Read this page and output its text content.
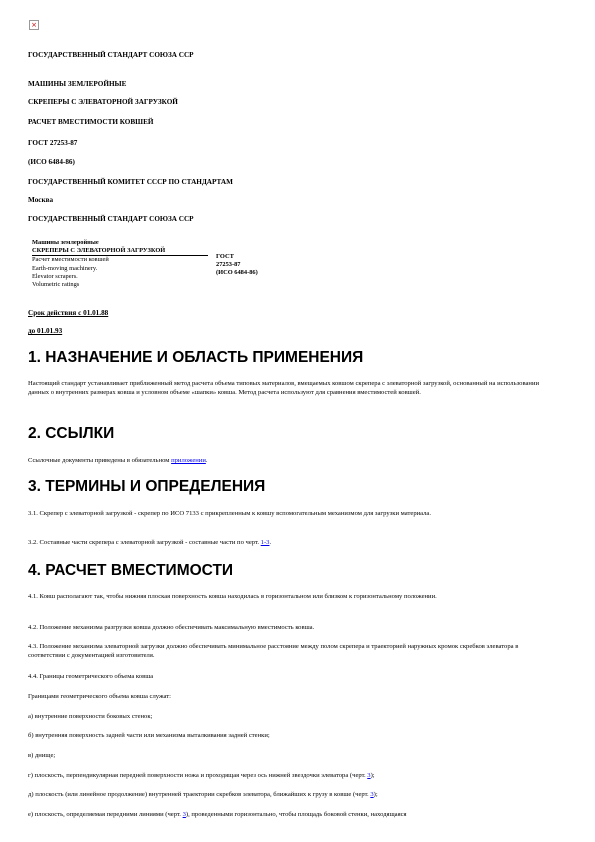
×
ГОСУДАРСТВЕННЫЙ СТАНДАРТ СОЮЗА ССР
МАШИНЫ ЗЕМЛЕРОЙНЫЕ
СКРЕПЕРЫ С ЭЛЕВАТОРНОЙ ЗАГРУЗКОЙ
РАСЧЕТ ВМЕСТИМОСТИ КОВШЕЙ
ГОСТ 27253-87
(ИСО 6484-86)
ГОСУДАРСТВЕННЫЙ КОМИТЕТ СССР ПО СТАНДАРТАМ
Москва
ГОСУДАРСТВЕННЫЙ СТАНДАРТ СОЮЗА ССР
Машины землеройные
СКРЕПЕРЫ С ЭЛЕВАТОРНОЙ ЗАГРУЗКОЙ
Расчет вместимости ковшей
Earth-moving machinery.
Elevator scrapers.
Volumetric ratings
ГОСТ
27253-87
(ИСО 6484-86)
Срок действия с 01.01.88
до 01.01.93
1. НАЗНАЧЕНИЕ И ОБЛАСТЬ ПРИМЕНЕНИЯ
Настоящий стандарт устанавливает приближенный метод расчета объема типовых материалов, вмещаемых ковшом скрепера с элеваторной загрузкой, основанный на использовании данных о внутренних размерах ковша и условном объеме «шапки» ковша. Метод расчета используют для сравнения вместимостей ковшей.
2. ССЫЛКИ
Ссылочные документы приведены в обязательном приложении.
3. ТЕРМИНЫ И ОПРЕДЕЛЕНИЯ
3.1. Скрепер с элеваторной загрузкой - скрепер по ИСО 7133 с прикрепленным к ковшу вспомогательным механизмом для загрузки материала.
3.2. Составные части скрепера с элеваторной загрузкой - составные части по черт. 1-3.
4. РАСЧЕТ ВМЕСТИМОСТИ
4.1. Ковш располагают так, чтобы нижняя плоская поверхность ковша находилась в горизонтальном или близком к горизонтальному положении.
4.2. Положение механизма разгрузки ковша должно обеспечивать максимальную вместимость ковша.
4.3. Положение механизма элеваторной загрузки должно обеспечивать минимальное расстояние между полом скрепера и траекторией наружных кромок скребков элеватора в соответствии с документацией изготовителя.
4.4. Границы геометрического объема ковша
Границами геометрического объема ковша служат:
а) внутренние поверхности боковых стенок;
б) внутренняя поверхность задней части или механизма выталкивания задней стенки;
в) днище;
г) плоскость, перпендикулярная передней поверхности ножа и проходящая через ось нижней звездочки элеватора (черт. 3);
д) плоскость (или линейное продолжение) внутренней траектории скребков элеватора, ближайших к грузу в ковше (черт. 3);
е) плоскость, определяемая передними линиями (черт. 3), проведенными горизонтально, чтобы площадь боковой стенки, находящаяся
